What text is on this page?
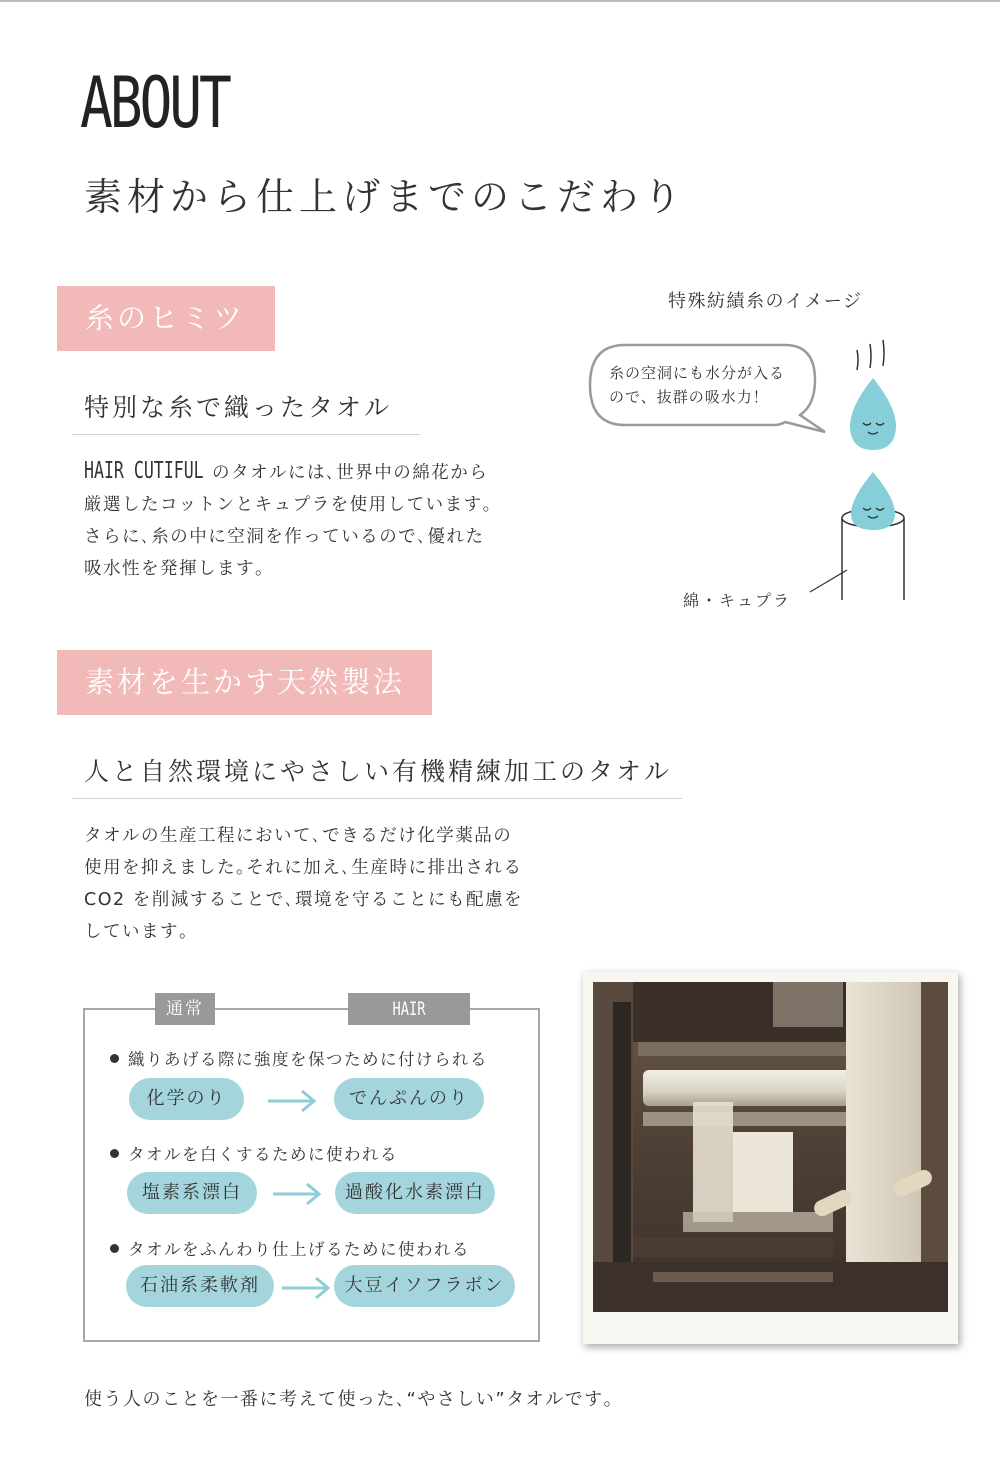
ABOUT
素材から仕上げまでのこだわり
糸のヒミツ
特別な糸で織ったタオル
HAIR CUTIFUL のタオルには､世界中の綿花から
厳選したコットンとキュプラを使用しています｡
さらに､糸の中に空洞を作っているので､優れた
吸水性を発揮します｡
特殊紡績糸のイメージ
糸の空洞にも水分が入る
ので、抜群の吸水力！
綿・キュプラ
素材を生かす天然製法
人と自然環境にやさしい有機精練加工のタオル
タオルの生産工程において､できるだけ化学薬品の
使用を抑えました｡それに加え､生産時に排出される
CO2 を削減することで､環境を守ることにも配慮を
しています｡
通常	HAIR CUTIFUL
織りあげる際に強度を保つために付けられる
化学のり	でんぷんのり
タオルを白くするために使われる
塩素系漂白	過酸化水素漂白
タオルをふんわり仕上げるために使われる
石油系柔軟剤	大豆イソフラボン
使う人のことを一番に考えて使った､“やさしい”タオルです｡
